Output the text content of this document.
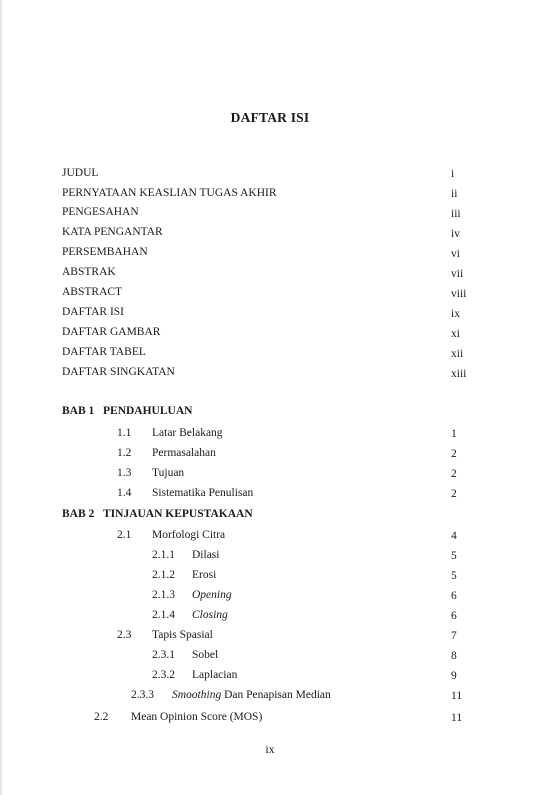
DAFTAR ISI
JUDUL	i
PERNYATAAN KEASLIAN TUGAS AKHIR	ii
PENGESAHAN	iii
KATA PENGANTAR	iv
PERSEMBAHAN	vi
ABSTRAK	vii
ABSTRACT	viii
DAFTAR ISI	ix
DAFTAR GAMBAR	xi
DAFTAR TABEL	xii
DAFTAR SINGKATAN	xiii
BAB 1 PENDAHULUAN
1.1 Latar Belakang	1
1.2 Permasalahan	2
1.3 Tujuan	2
1.4 Sistematika Penulisan	2
BAB 2 TINJAUAN KEPUSTAKAAN
2.1 Morfologi Citra	4
2.1.1 Dilasi	5
2.1.2 Erosi	5
2.1.3 Opening	6
2.1.4 Closing	6
2.3 Tapis Spasial	7
2.3.1 Sobel	8
2.3.2 Laplacian	9
2.3.3 Smoothing Dan Penapisan Median	11
2.2 Mean Opinion Score (MOS)	11
ix
